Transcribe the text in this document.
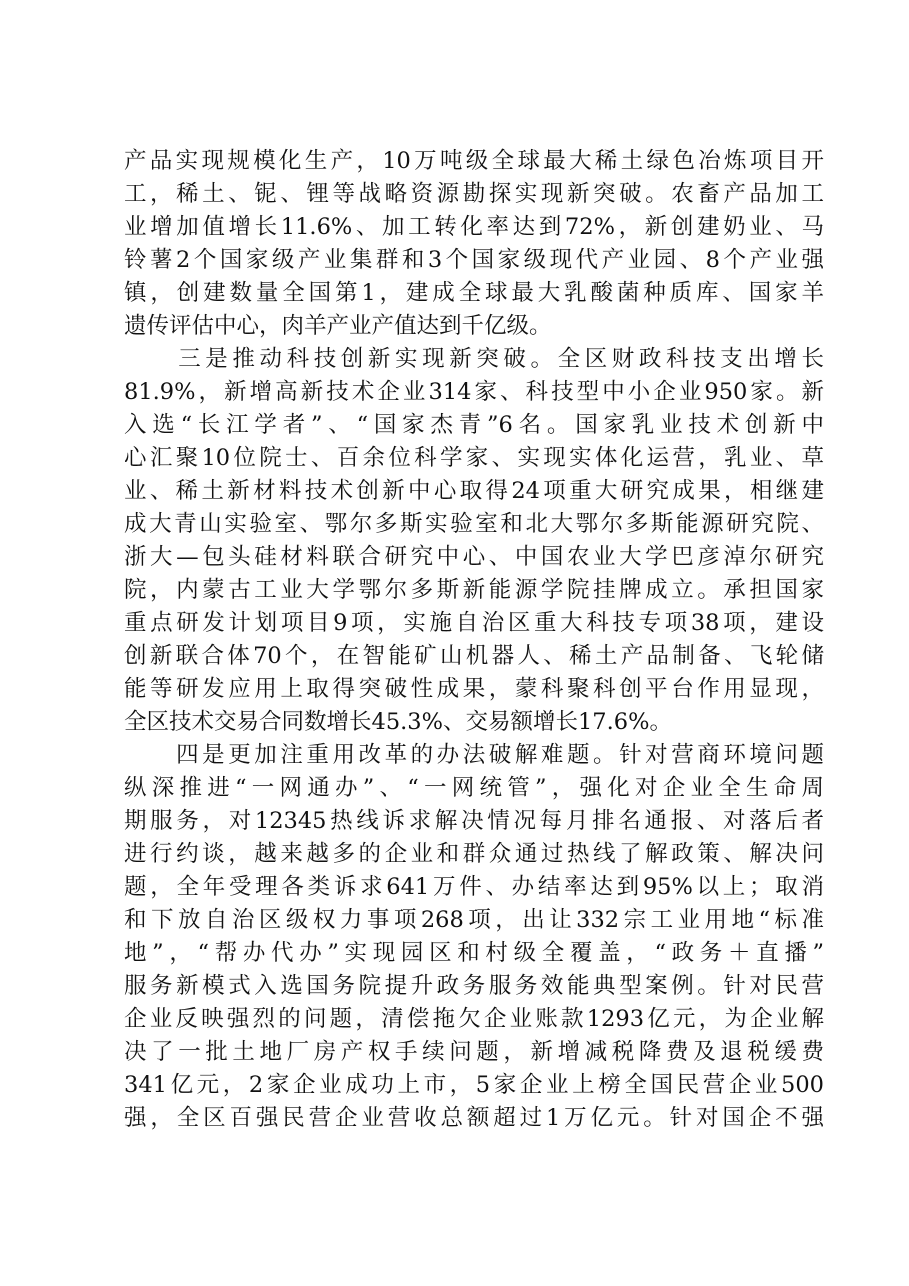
产品实现规模化生产，10万吨级全球最大稀土绿色冶炼项目开
工，稀土、铌、锂等战略资源勘探实现新突破。农畜产品加工
业增加值增长11.6%、加工转化率达到72%，新创建奶业、马
铃薯2个国家级产业集群和3个国家级现代产业园、8个产业强
镇，创建数量全国第1，建成全球最大乳酸菌种质库、国家羊
遗传评估中心，肉羊产业产值达到千亿级。
　　三是推动科技创新实现新突破。全区财政科技支出增长
81.9%，新增高新技术企业314家、科技型中小企业950家。新
入选“长江学者”、“国家杰青”6名。国家乳业技术创新中
心汇聚10位院士、百余位科学家、实现实体化运营，乳业、草
业、稀土新材料技术创新中心取得24项重大研究成果，相继建
成大青山实验室、鄂尔多斯实验室和北大鄂尔多斯能源研究院、
浙大—包头硅材料联合研究中心、中国农业大学巴彦淖尔研究
院，内蒙古工业大学鄂尔多斯新能源学院挂牌成立。承担国家
重点研发计划项目9项，实施自治区重大科技专项38项，建设
创新联合体70个，在智能矿山机器人、稀土产品制备、飞轮储
能等研发应用上取得突破性成果，蒙科聚科创平台作用显现，
全区技术交易合同数增长45.3%、交易额增长17.6%。
　　四是更加注重用改革的办法破解难题。针对营商环境问题
纵深推进“一网通办”、“一网统管”，强化对企业全生命周
期服务，对12345热线诉求解决情况每月排名通报、对落后者
进行约谈，越来越多的企业和群众通过热线了解政策、解决问
题，全年受理各类诉求641万件、办结率达到95%以上；取消
和下放自治区级权力事项268项，出让332宗工业用地“标准
地”，“帮办代办”实现园区和村级全覆盖，“政务＋直播”
服务新模式入选国务院提升政务服务效能典型案例。针对民营
企业反映强烈的问题，清偿拖欠企业账款1293亿元，为企业解
决了一批土地厂房产权手续问题，新增减税降费及退税缓费
341亿元，2家企业成功上市，5家企业上榜全国民营企业500
强，全区百强民营企业营收总额超过1万亿元。针对国企不强
